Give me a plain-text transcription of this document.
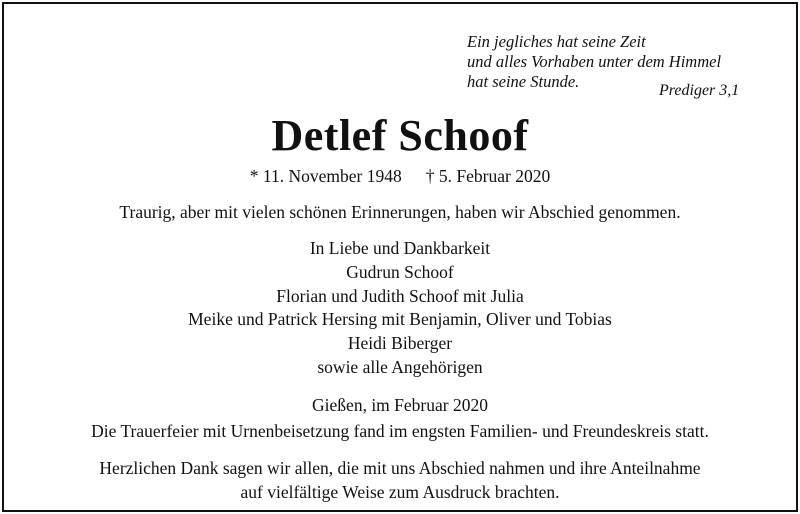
Ein jegliches hat seine Zeit
und alles Vorhaben unter dem Himmel
hat seine Stunde.	Prediger 3,1
Detlef Schoof
* 11. November 1948 † 5. Februar 2020
Traurig, aber mit vielen schönen Erinnerungen, haben wir Abschied genommen.
In Liebe und Dankbarkeit
Gudrun Schoof
Florian und Judith Schoof mit Julia
Meike und Patrick Hersing mit Benjamin, Oliver und Tobias
Heidi Biberger
sowie alle Angehörigen
Gießen, im Februar 2020
Die Trauerfeier mit Urnenbeisetzung fand im engsten Familien- und Freundeskreis statt.
Herzlichen Dank sagen wir allen, die mit uns Abschied nahmen und ihre Anteilnahme
auf vielfältige Weise zum Ausdruck brachten.
